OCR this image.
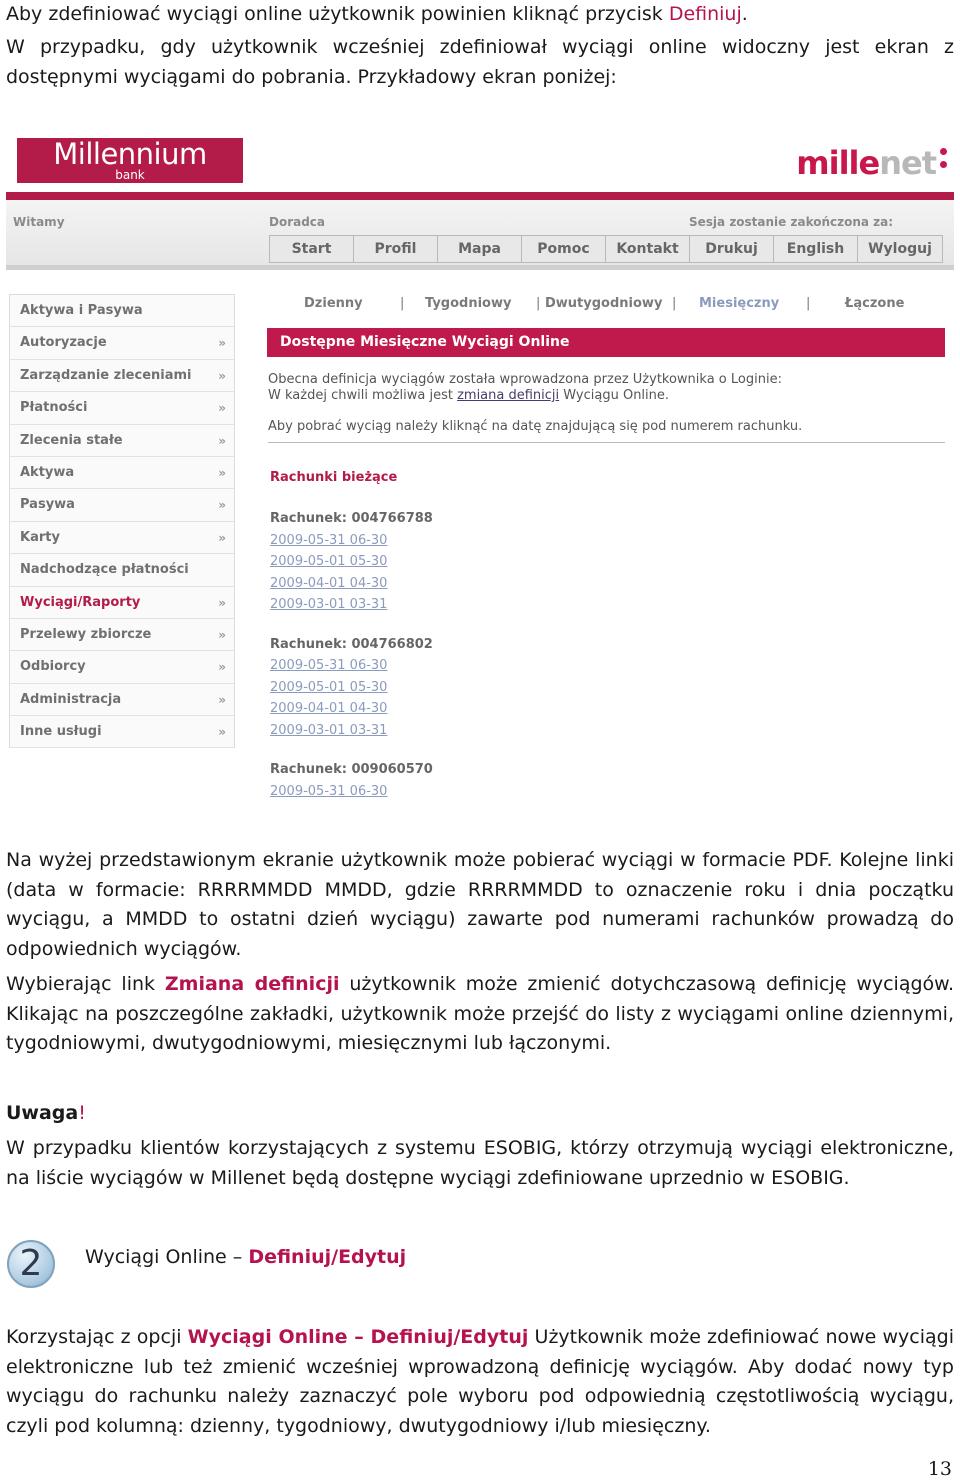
Aby zdefiniować wyciągi online użytkownik powinien kliknąć przycisk Definiuj.
W przypadku, gdy użytkownik wcześniej zdefiniował wyciągi online widoczny jest ekran z dostępnymi wyciągami do pobrania. Przykładowy ekran poniżej:
Millennium
bank	millenet
Witamy	Doradca	Sesja zostanie zakończona za:
Start	Profil	Mapa	Pomoc	Kontakt	Drukuj	English	Wyloguj
Aktywa i Pasywa
Autoryzacje	»
Zarządzanie zleceniami »
Płatności	»
Zlecenia stałe	»
Aktywa	»
Pasywa	»
Karty	»
Nadchodzące płatności
Wyciągi/Raporty	»
Przelewy zbiorcze	»
Odbiorcy	»
Administracja	»
Inne usługi	»
Dzienny	| Tygodniowy | Dwutygodniowy | Miesięczny |	Łączone
Dostępne Miesięczne Wyciągi Online
Obecna definicja wyciągów została wprowadzona przez Użytkownika o Loginie:
W każdej chwili możliwa jest zmiana definicji Wyciągu Online.
Aby pobrać wyciąg należy kliknąć na datę znajdującą się pod numerem rachunku.
Rachunki bieżące
Rachunek: 004766788
2009-05-31 06-30
2009-05-01 05-30
2009-04-01 04-30
2009-03-01 03-31
Rachunek: 004766802
2009-05-31 06-30
2009-05-01 05-30
2009-04-01 04-30
2009-03-01 03-31
Rachunek: 009060570
2009-05-31 06-30
Na wyżej przedstawionym ekranie użytkownik może pobierać wyciągi w formacie PDF. Kolejne linki (data w formacie: RRRRMMDD MMDD, gdzie RRRRMMDD to oznaczenie roku i dnia początku wyciągu, a MMDD to ostatni dzień wyciągu) zawarte pod numerami rachunków prowadzą do odpowiednich wyciągów.
Wybierając link Zmiana definicji użytkownik może zmienić dotychczasową definicję wyciągów. Klikając na poszczególne zakładki, użytkownik może przejść do listy z wyciągami online dziennymi, tygodniowymi, dwutygodniowymi, miesięcznymi lub łączonymi.
Uwaga!
W przypadku klientów korzystających z systemu ESOBIG, którzy otrzymują wyciągi elektroniczne, na liście wyciągów w Millenet będą dostępne wyciągi zdefiniowane uprzednio w ESOBIG.
2	Wyciągi Online – Definiuj/Edytuj
Korzystając z opcji Wyciągi Online – Definiuj/Edytuj Użytkownik może zdefiniować nowe wyciągi elektroniczne lub też zmienić wcześniej wprowadzoną definicję wyciągów. Aby dodać nowy typ wyciągu do rachunku należy zaznaczyć pole wyboru pod odpowiednią częstotliwością wyciągu, czyli pod kolumną: dzienny, tygodniowy, dwutygodniowy i/lub miesięczny.
13
